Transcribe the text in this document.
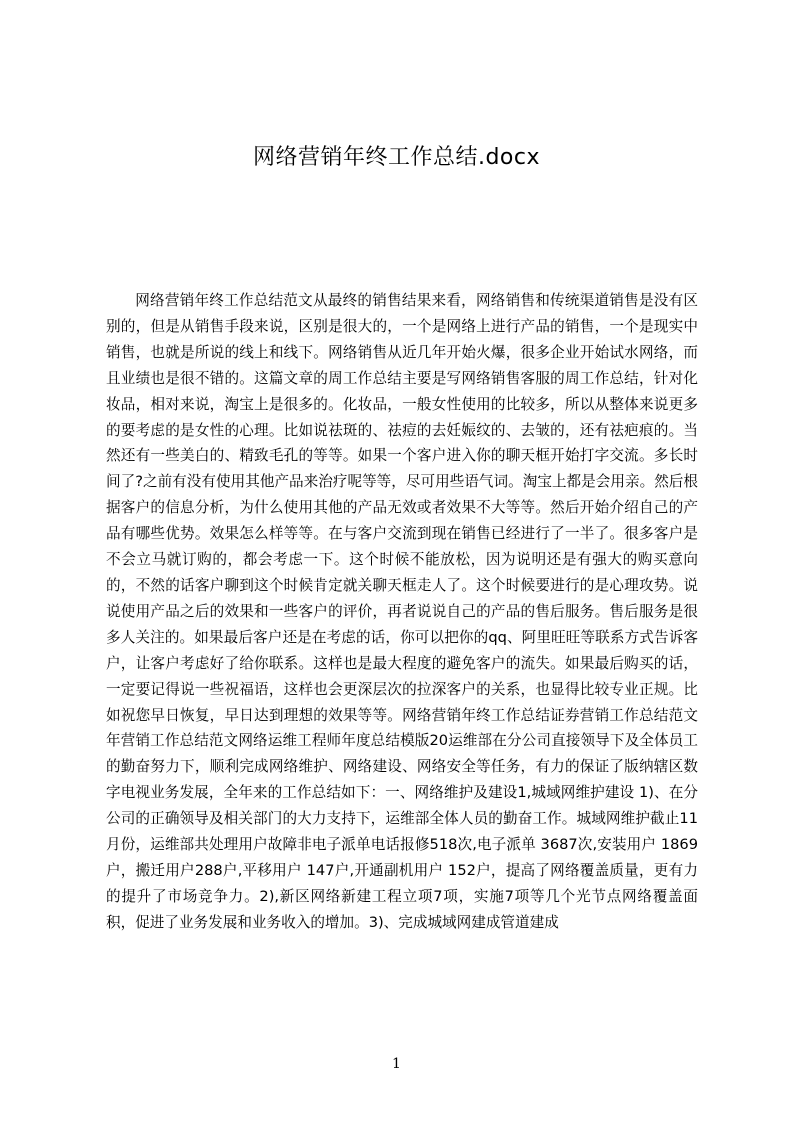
网络营销年终工作总结.docx

网络营销年终工作总结范文从最终的销售结果来看，网络销售和传统渠道销售是没有区别的，但是从销售手段来说，区别是很大的，一个是网络上进行产品的销售，一个是现实中销售，也就是所说的线上和线下。网络销售从近几年开始火爆，很多企业开始试水网络，而且业绩也是很不错的。这篇文章的周工作总结主要是写网络销售客服的周工作总结，针对化妆品，相对来说，淘宝上是很多的。化妆品，一般女性使用的比较多，所以从整体来说更多的要考虑的是女性的心理。比如说祛斑的、祛痘的去妊娠纹的、去皱的，还有祛疤痕的。当然还有一些美白的、精致毛孔的等等。如果一个客户进入你的聊天框开始打字交流。多长时间了?之前有没有使用其他产品来治疗呢等等，尽可用些语气词。淘宝上都是会用亲。然后根据客户的信息分析，为什么使用其他的产品无效或者效果不大等等。然后开始介绍自己的产品有哪些优势。效果怎么样等等。在与客户交流到现在销售已经进行了一半了。很多客户是不会立马就订购的，都会考虑一下。这个时候不能放松，因为说明还是有强大的购买意向的，不然的话客户聊到这个时候肯定就关聊天框走人了。这个时候要进行的是心理攻势。说说使用产品之后的效果和一些客户的评价，再者说说自己的产品的售后服务。售后服务是很多人关注的。如果最后客户还是在考虑的话，你可以把你的qq、阿里旺旺等联系方式告诉客户，让客户考虑好了给你联系。这样也是最大程度的避免客户的流失。如果最后购买的话，一定要记得说一些祝福语，这样也会更深层次的拉深客户的关系，也显得比较专业正规。比如祝您早日恢复，早日达到理想的效果等等。网络营销年终工作总结证券营销工作总结范文年营销工作总结范文网络运维工程师年度总结模版20运维部在分公司直接领导下及全体员工的勤奋努力下，顺利完成网络维护、网络建设、网络安全等任务，有力的保证了版纳辖区数字电视业务发展，全年来的工作总结如下：一、网络维护及建设1,城域网维护建设 1)、在分公司的正确领导及相关部门的大力支持下，运维部全体人员的勤奋工作。城域网维护截止11月份，运维部共处理用户故障非电子派单电话报修518次,电子派单 3687次,安装用户 1869户，搬迁用户288户,平移用户 147户,开通副机用户 152户，提高了网络覆盖质量，更有力的提升了市场竞争力。2),新区网络新建工程立项7项，实施7项等几个光节点网络覆盖面积，促进了业务发展和业务收入的增加。3)、完成城域网建成管道建成

1
